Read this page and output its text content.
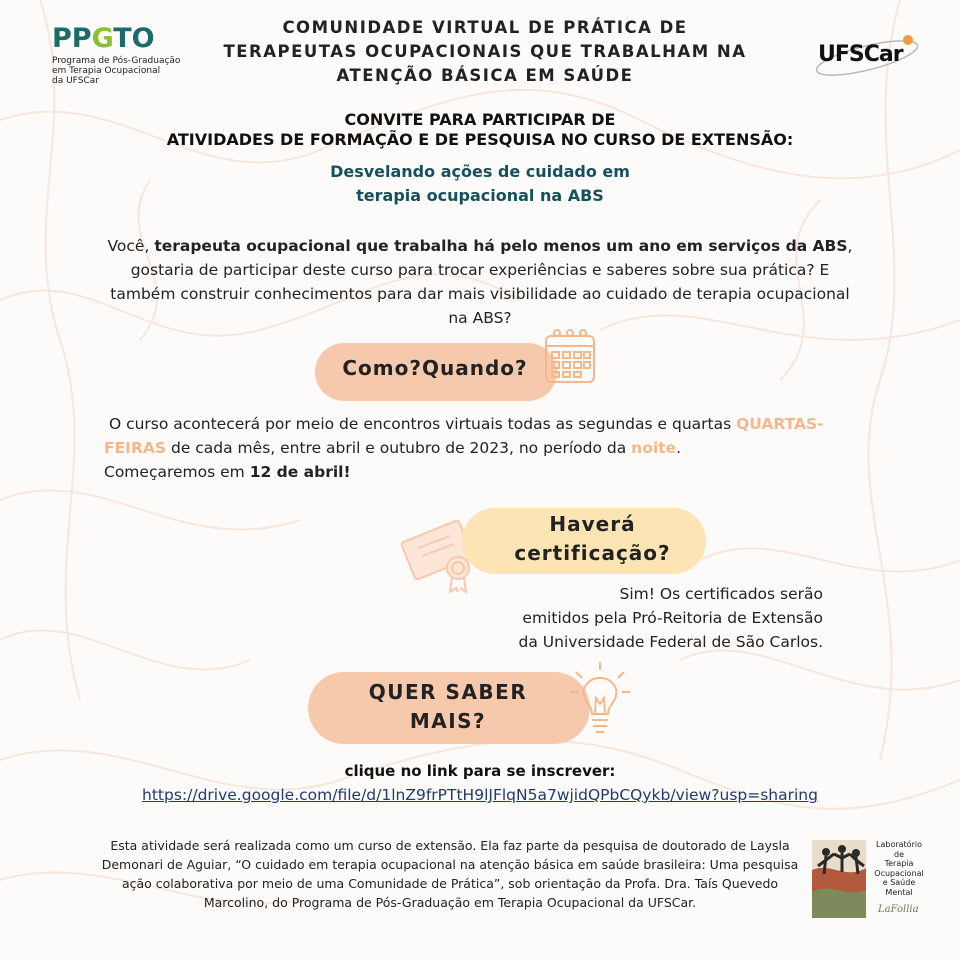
PPGTO
Programa de Pós-Graduação
em Terapia Ocupacional
da UFSCar
COMUNIDADE VIRTUAL DE PRÁTICA DE
TERAPEUTAS OCUPACIONAIS QUE TRABALHAM NA
ATENÇÃO BÁSICA EM SAÚDE
UFSCar
CONVITE PARA PARTICIPAR DE
ATIVIDADES DE FORMAÇÃO E DE PESQUISA NO CURSO DE EXTENSÃO:
Desvelando ações de cuidado em
terapia ocupacional na ABS
Você, terapeuta ocupacional que trabalha há pelo menos um ano em serviços da ABS, gostaria de participar deste curso para trocar experiências e saberes sobre sua prática? E também construir conhecimentos para dar mais visibilidade ao cuidado de terapia ocupacional na ABS?
Como?Quando?
O curso acontecerá por meio de encontros virtuais todas as segundas e quartas QUARTAS-FEIRAS de cada mês, entre abril e outubro de 2023, no período da noite.
Começaremos em 12 de abril!
Haverá
certificação?
Sim! Os certificados serão
emitidos pela Pró-Reitoria de Extensão
da Universidade Federal de São Carlos.
QUER SABER
MAIS?
clique no link para se inscrever:
https://drive.google.com/file/d/1lnZ9frPTtH9lJFlqN5a7wjidQPbCQykb/view?usp=sharing
Esta atividade será realizada como um curso de extensão. Ela faz parte da pesquisa de doutorado de Laysla Demonari de Aguiar, “O cuidado em terapia ocupacional na atenção básica em saúde brasileira: Uma pesquisa ação colaborativa por meio de uma Comunidade de Prática”, sob orientação da Profa. Dra. Taís Quevedo Marcolino, do Programa de Pós-Graduação em Terapia Ocupacional da UFSCar.
Laboratório
de
Terapia
Ocupacional
e Saúde
Mental
LaFollia
